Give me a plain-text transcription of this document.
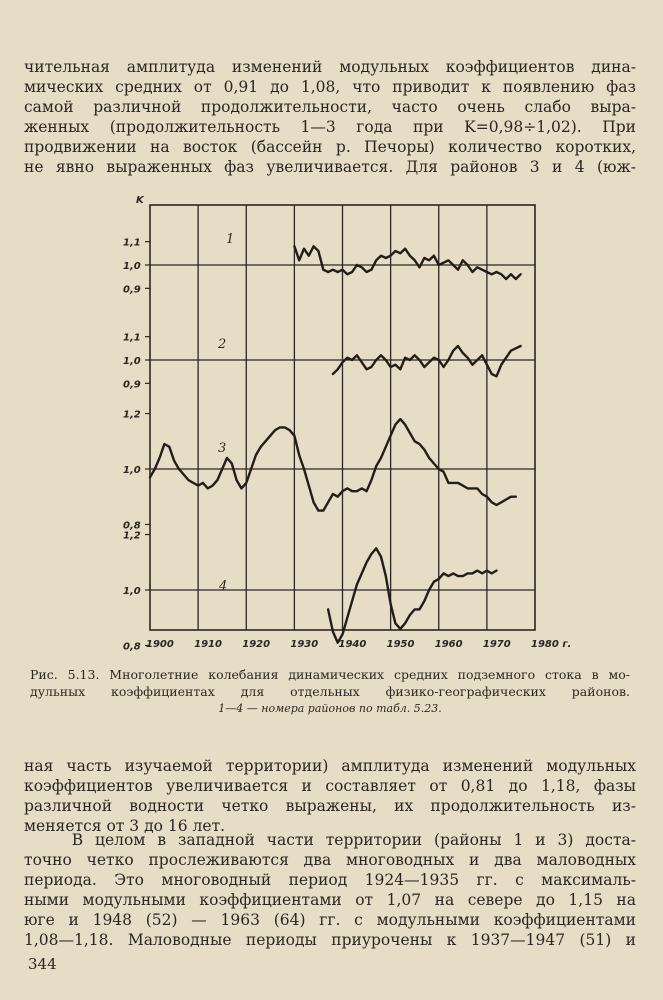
чительная амплитуда изменений модульных коэффициентов дина-
мических средних от 0,91 до 1,08, что приводит к появлению фаз
самой различной продолжительности, часто очень слабо выра-
женных (продолжительность 1—3 года при K=0,98÷1,02). При
продвижении на восток (бассейн р. Печоры) количество коротких,
не явно выраженных фаз увеличивается. Для районов 3 и 4 (юж-

1900 1910 1920 1930 1940 1950 1960 1970 1980 г.
K
1,1
1,0
0,9
1
1,1
1,0
0,9
2
1,2
1,0
0,8
3
1,2
1,0
0,8
4
Рис. 5.13. Многолетние колебания динамических средних подземного стока в мо-
дульных коэффициентах для отдельных физико-географических районов.
1—4 — номера районов по табл. 5.23.

ная часть изучаемой территории) амплитуда изменений модульных
коэффициентов увеличивается и составляет от 0,81 до 1,18, фазы
различной водности четко выражены, их продолжительность из-
меняется от 3 до 16 лет.

В целом в западной части территории (районы 1 и 3) доста-
точно четко прослеживаются два многоводных и два маловодных
периода. Это многоводный период 1924—1935 гг. с максималь-
ными модульными коэффициентами от 1,07 на севере до 1,15 на
юге и 1948 (52) — 1963 (64) гг. с модульными коэффициентами
1,08—1,18. Маловодные периоды приурочены к 1937—1947 (51) и

344
